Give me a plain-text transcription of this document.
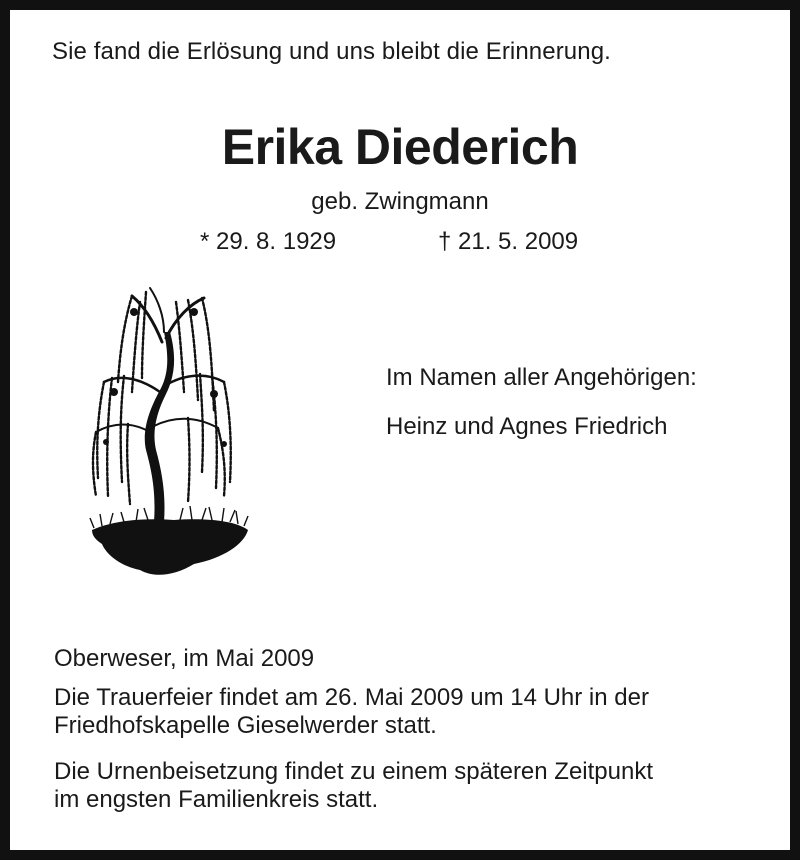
Sie fand die Erlösung und uns bleibt die Erinnerung.
Erika Diederich
geb. Zwingmann
* 29. 8. 1929	† 21. 5. 2009
Im Namen aller Angehörigen:
Heinz und Agnes Friedrich
Oberweser, im Mai 2009
Die Trauerfeier findet am 26. Mai 2009 um 14 Uhr in der
Friedhofskapelle Gieselwerder statt.
Die Urnenbeisetzung findet zu einem späteren Zeitpunkt
im engsten Familienkreis statt.
